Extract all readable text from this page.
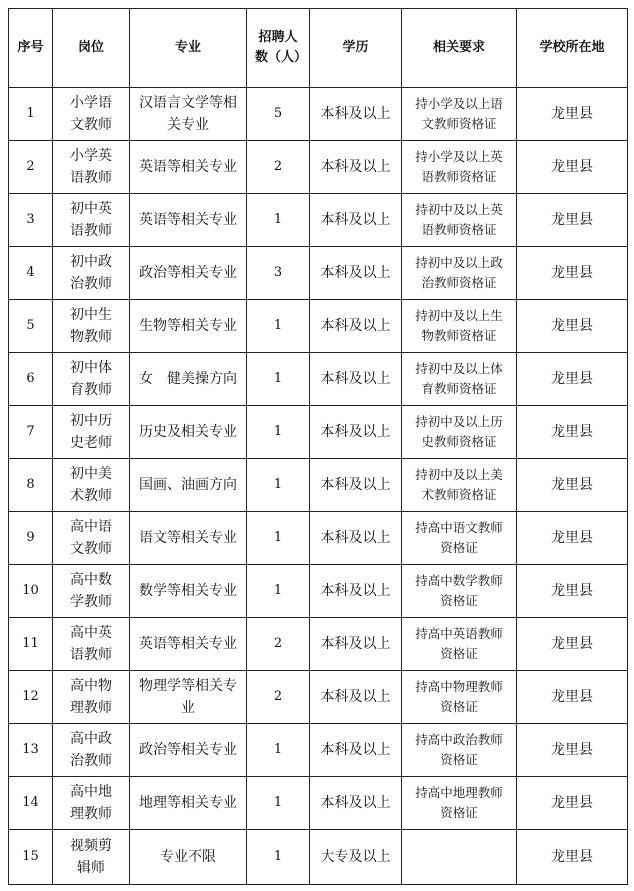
序号	岗位	专业	招聘人数（人）	学历	相关要求	学校所在地
1	小学语文教师	汉语言文学等相关专业	5	本科及以上	持小学及以上语文教师资格证	龙里县
2	小学英语教师	英语等相关专业	2	本科及以上	持小学及以上英语教师资格证	龙里县
3	初中英语教师	英语等相关专业	1	本科及以上	持初中及以上英语教师资格证	龙里县
4	初中政治教师	政治等相关专业	3	本科及以上	持初中及以上政治教师资格证	龙里县
5	初中生物教师	生物等相关专业	1	本科及以上	持初中及以上生物教师资格证	龙里县
6	初中体育教师	女　健美操方向	1	本科及以上	持初中及以上体育教师资格证	龙里县
7	初中历史老师	历史及相关专业	1	本科及以上	持初中及以上历史教师资格证	龙里县
8	初中美术教师	国画、油画方向	1	本科及以上	持初中及以上美术教师资格证	龙里县
9	高中语文教师	语文等相关专业	1	本科及以上	持高中语文教师资格证	龙里县
10	高中数学教师	数学等相关专业	1	本科及以上	持高中数学教师资格证	龙里县
11	高中英语教师	英语等相关专业	2	本科及以上	持高中英语教师资格证	龙里县
12	高中物理教师	物理学等相关专业	2	本科及以上	持高中物理教师资格证	龙里县
13	高中政治教师	政治等相关专业	1	本科及以上	持高中政治教师资格证	龙里县
14	高中地理教师	地理等相关专业	1	本科及以上	持高中地理教师资格证	龙里县
15	视频剪辑师	专业不限	1	大专及以上		龙里县
